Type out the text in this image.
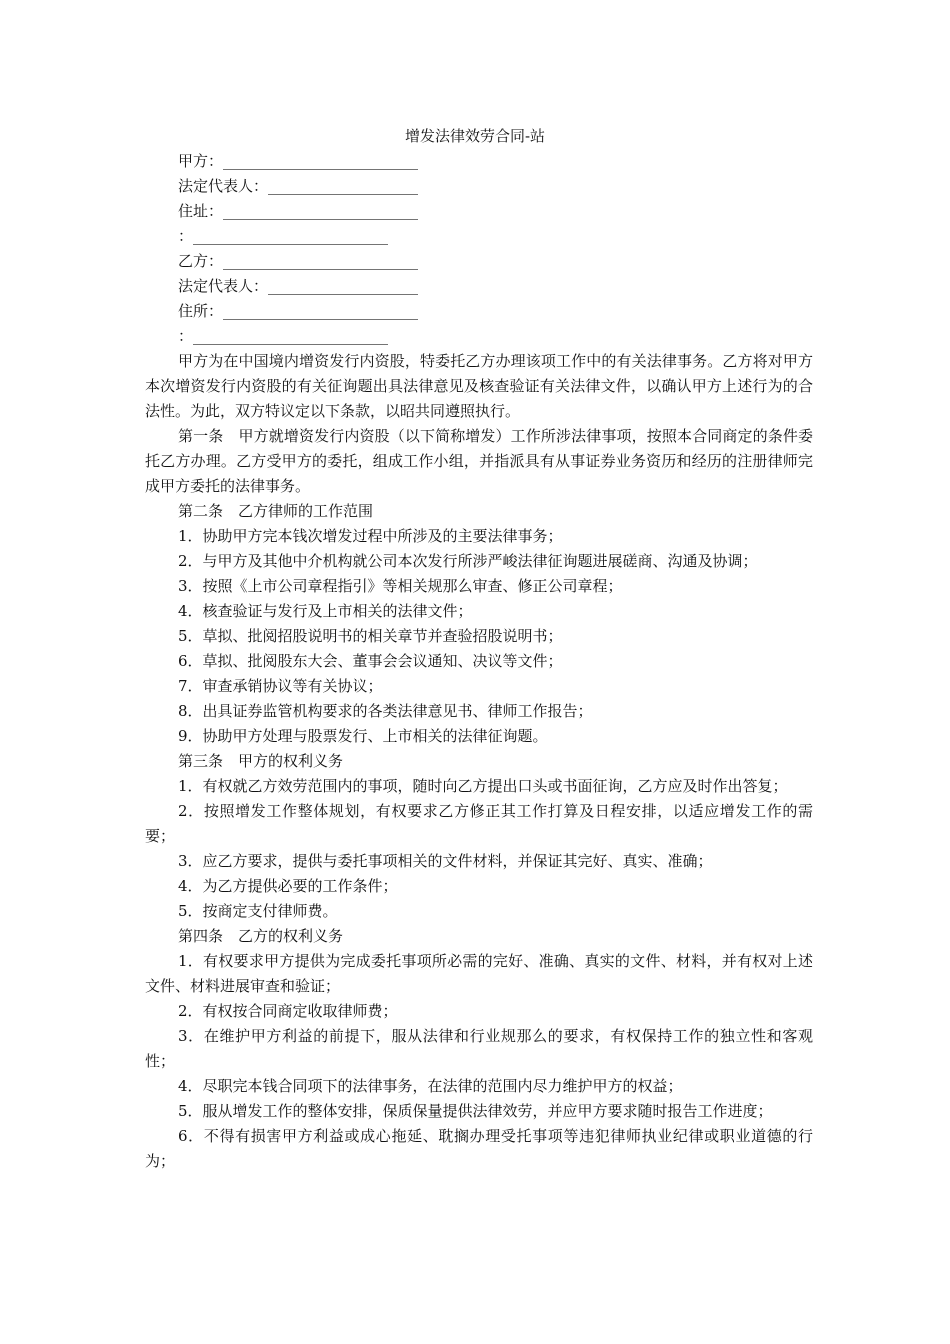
增发法律效劳合同-站
甲方：__________________________
法定代表人：____________________
住址：__________________________
：__________________________
乙方：__________________________
法定代表人：____________________
住所：__________________________
：__________________________

甲方为在中国境内增资发行内资股，特委托乙方办理该项工作中的有关法律事务。乙方将对甲方本次增资发行内资股的有关征询题出具法律意见及核查验证有关法律文件，以确认甲方上述行为的合法性。为此，双方特议定以下条款，以昭共同遵照执行。

第一条　甲方就增资发行内资股（以下简称增发）工作所涉法律事项，按照本合同商定的条件委托乙方办理。乙方受甲方的委托，组成工作小组，并指派具有从事证券业务资历和经历的注册律师完成甲方委托的法律事务。

第二条　乙方律师的工作范围

1．协助甲方完本钱次增发过程中所涉及的主要法律事务；

2．与甲方及其他中介机构就公司本次发行所涉严峻法律征询题进展磋商、沟通及协调；

3．按照《上市公司章程指引》等相关规那么审查、修正公司章程；

4．核查验证与发行及上市相关的法律文件；

5．草拟、批阅招股说明书的相关章节并查验招股说明书；

6．草拟、批阅股东大会、董事会会议通知、决议等文件；

7．审查承销协议等有关协议；

8．出具证券监管机构要求的各类法律意见书、律师工作报告；

9．协助甲方处理与股票发行、上市相关的法律征询题。

第三条　甲方的权利义务

1．有权就乙方效劳范围内的事项，随时向乙方提出口头或书面征询，乙方应及时作出答复；

2．按照增发工作整体规划，有权要求乙方修正其工作打算及日程安排，以适应增发工作的需要；

3．应乙方要求，提供与委托事项相关的文件材料，并保证其完好、真实、准确；

4．为乙方提供必要的工作条件；

5．按商定支付律师费。

第四条　乙方的权利义务

1．有权要求甲方提供为完成委托事项所必需的完好、准确、真实的文件、材料，并有权对上述文件、材料进展审查和验证；

2．有权按合同商定收取律师费；

3．在维护甲方利益的前提下，服从法律和行业规那么的要求，有权保持工作的独立性和客观性；

4．尽职完本钱合同项下的法律事务，在法律的范围内尽力维护甲方的权益；

5．服从增发工作的整体安排，保质保量提供法律效劳，并应甲方要求随时报告工作进度；

6．不得有损害甲方利益或成心拖延、耽搁办理受托事项等违犯律师执业纪律或职业道德的行为；
